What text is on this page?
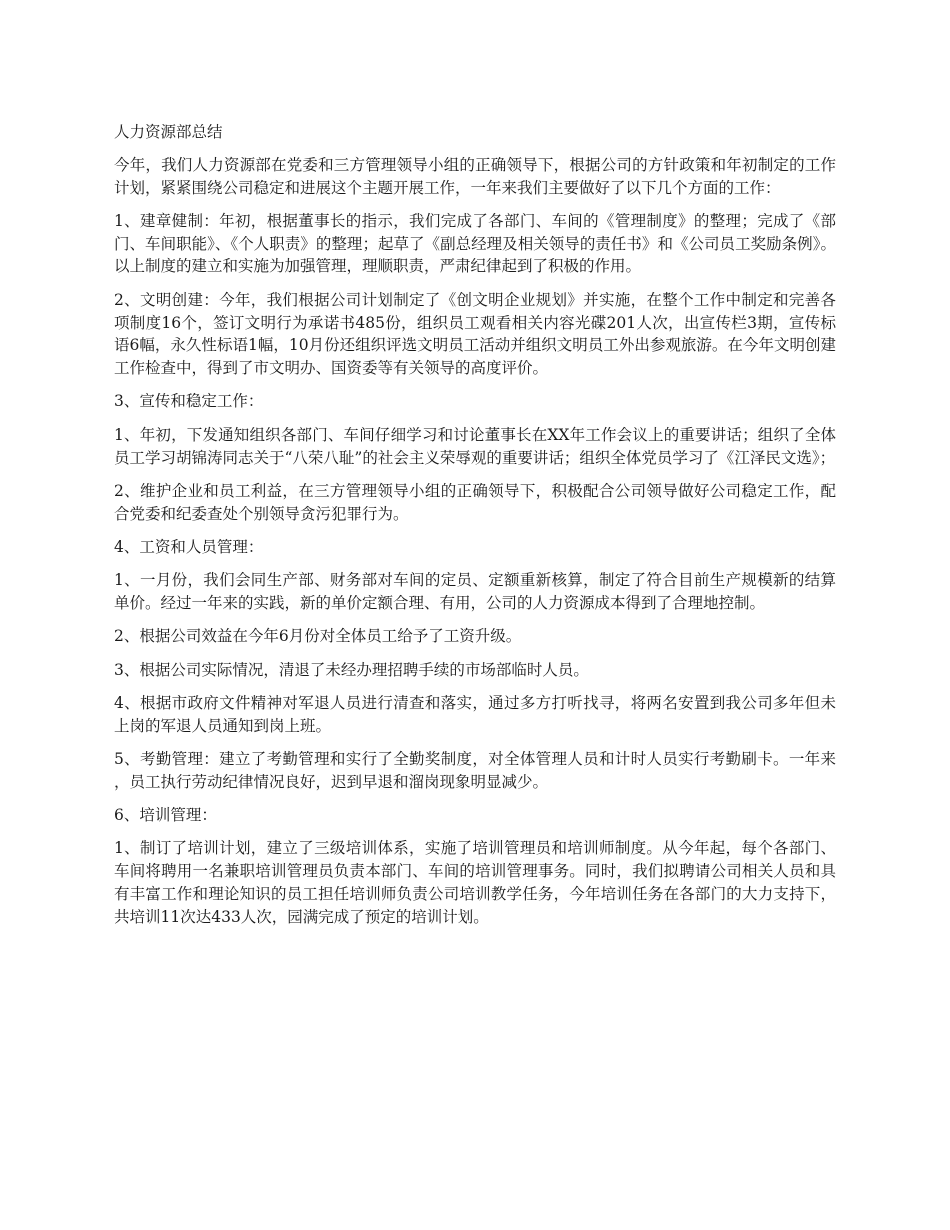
人力资源部总结
今年，我们人力资源部在党委和三方管理领导小组的正确领导下，根据公司的方针政策和年初制定的工作计划，紧紧围绕公司稳定和进展这个主题开展工作，一年来我们主要做好了以下几个方面的工作：
1、建章健制：年初，根据董事长的指示，我们完成了各部门、车间的《管理制度》的整理；完成了《部门、车间职能》、《个人职责》的整理；起草了《副总经理及相关领导的责任书》和《公司员工奖励条例》。以上制度的建立和实施为加强管理，理顺职责，严肃纪律起到了积极的作用。
2、文明创建：今年，我们根据公司计划制定了《创文明企业规划》并实施，在整个工作中制定和完善各项制度16个，签订文明行为承诺书485份，组织员工观看相关内容光碟201人次，出宣传栏3期，宣传标语6幅，永久性标语1幅，10月份还组织评选文明员工活动并组织文明员工外出参观旅游。在今年文明创建工作检查中，得到了市文明办、国资委等有关领导的高度评价。
3、宣传和稳定工作：
1、年初，下发通知组织各部门、车间仔细学习和讨论董事长在XX年工作会议上的重要讲话；组织了全体员工学习胡锦涛同志关于“八荣八耻”的社会主义荣辱观的重要讲话；组织全体党员学习了《江泽民文选》；
2、维护企业和员工利益，在三方管理领导小组的正确领导下，积极配合公司领导做好公司稳定工作，配合党委和纪委查处个别领导贪污犯罪行为。
4、工资和人员管理：
1、一月份，我们会同生产部、财务部对车间的定员、定额重新核算，制定了符合目前生产规模新的结算单价。经过一年来的实践，新的单价定额合理、有用，公司的人力资源成本得到了合理地控制。
2、根据公司效益在今年6月份对全体员工给予了工资升级。
3、根据公司实际情况，清退了未经办理招聘手续的市场部临时人员。
4、根据市政府文件精神对军退人员进行清查和落实，通过多方打听找寻，将两名安置到我公司多年但未上岗的军退人员通知到岗上班。
5、考勤管理：建立了考勤管理和实行了全勤奖制度，对全体管理人员和计时人员实行考勤刷卡。一年来，员工执行劳动纪律情况良好，迟到早退和溜岗现象明显减少。
6、培训管理：
1、制订了培训计划，建立了三级培训体系，实施了培训管理员和培训师制度。从今年起，每个各部门、车间将聘用一名兼职培训管理员负责本部门、车间的培训管理事务。同时，我们拟聘请公司相关人员和具有丰富工作和理论知识的员工担任培训师负责公司培训教学任务，今年培训任务在各部门的大力支持下，共培训11次达433人次，园满完成了预定的培训计划。
